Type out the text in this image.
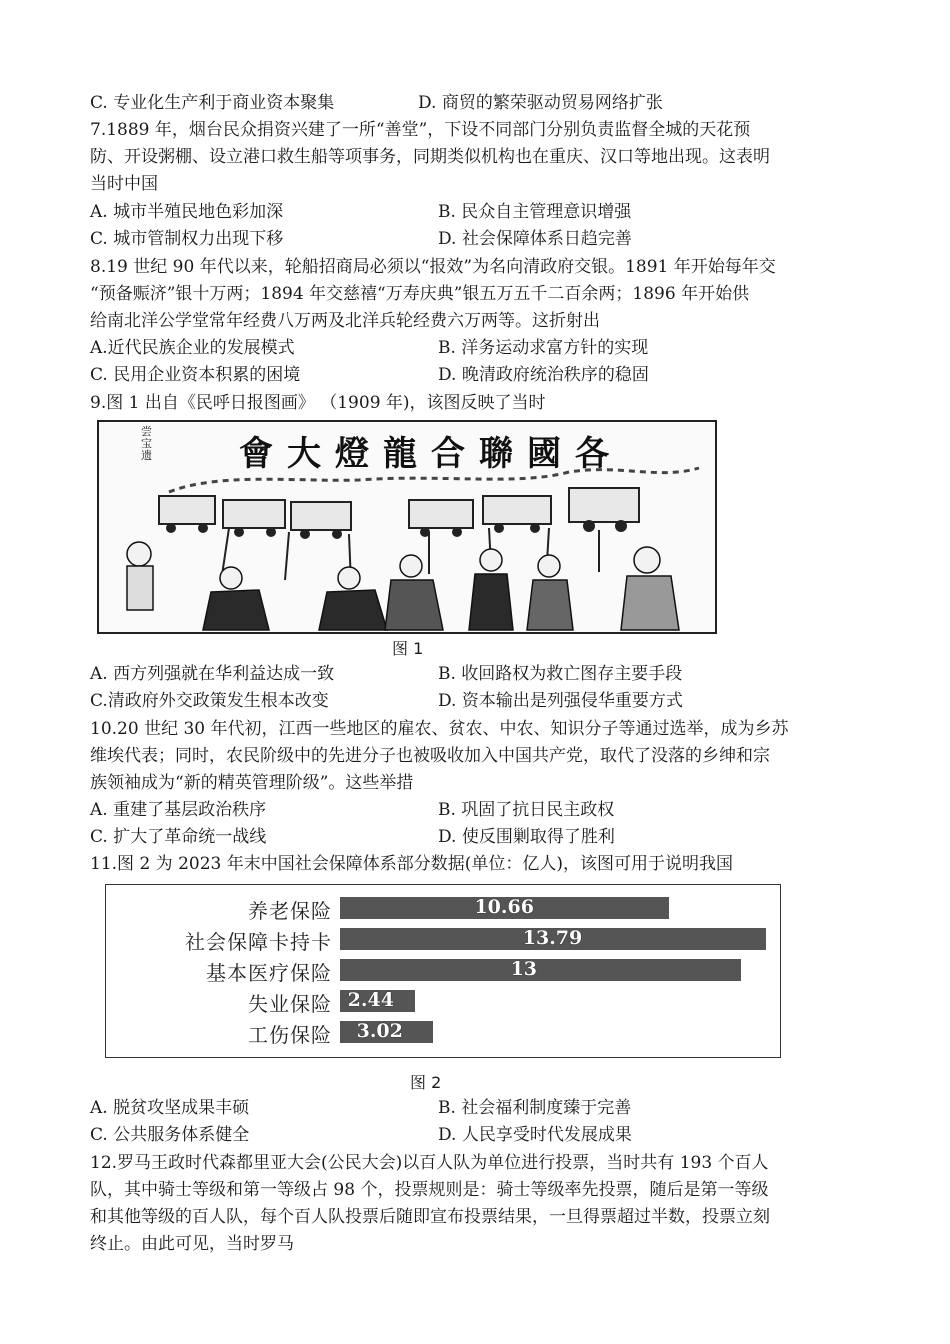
C. 专业化生产利于商业资本聚集	D. 商贸的繁荣驱动贸易网络扩张
7.1889 年，烟台民众捐资兴建了一所“善堂”，下设不同部门分别负责监督全城的天花预
防、开设粥棚、设立港口救生船等项事务，同期类似机构也在重庆、汉口等地出现。这表明
当时中国
A. 城市半殖民地色彩加深	B. 民众自主管理意识增强
C. 城市管制权力出现下移	D. 社会保障体系日趋完善
8.19 世纪 90 年代以来，轮船招商局必须以“报效”为名向清政府交银。1891 年开始每年交
“预备赈济”银十万两；1894 年交慈禧“万寿庆典”银五万五千二百余两；1896 年开始供
给南北洋公学堂常年经费八万两及北洋兵轮经费六万两等。这折射出
A.近代民族企业的发展模式	B. 洋务运动求富方针的实现
C. 民用企业资本积累的困境	D. 晚清政府统治秩序的稳固
9.图 1 出自《民呼日报图画》 （1909 年)，该图反映了当时
尝宝遗	會大燈龍合聯國各
图 1
A. 西方列强就在华利益达成一致	B. 收回路权为救亡图存主要手段
C.清政府外交政策发生根本改变	D. 资本输出是列强侵华重要方式
10.20 世纪 30 年代初，江西一些地区的雇农、贫农、中农、知识分子等通过选举，成为乡苏
维埃代表；同时，农民阶级中的先进分子也被吸收加入中国共产党，取代了没落的乡绅和宗
族领袖成为“新的精英管理阶级”。这些举措
A. 重建了基层政治秩序	B. 巩固了抗日民主政权
C. 扩大了革命统一战线	D. 使反围剿取得了胜利
11.图 2 为 2023 年末中国社会保障体系部分数据(单位：亿人)，该图可用于说明我国
养老保险	10.66
社会保障卡持卡	13.79
基本医疗保险	13
失业保险 2.44
工伤保险 3.02
图 2
A. 脱贫攻坚成果丰硕	B. 社会福利制度臻于完善
C. 公共服务体系健全	D. 人民享受时代发展成果
12.罗马王政时代森都里亚大会(公民大会)以百人队为单位进行投票，当时共有 193 个百人
队，其中骑士等级和第一等级占 98 个，投票规则是：骑士等级率先投票，随后是第一等级
和其他等级的百人队，每个百人队投票后随即宣布投票结果，一旦得票超过半数，投票立刻
终止。由此可见，当时罗马
